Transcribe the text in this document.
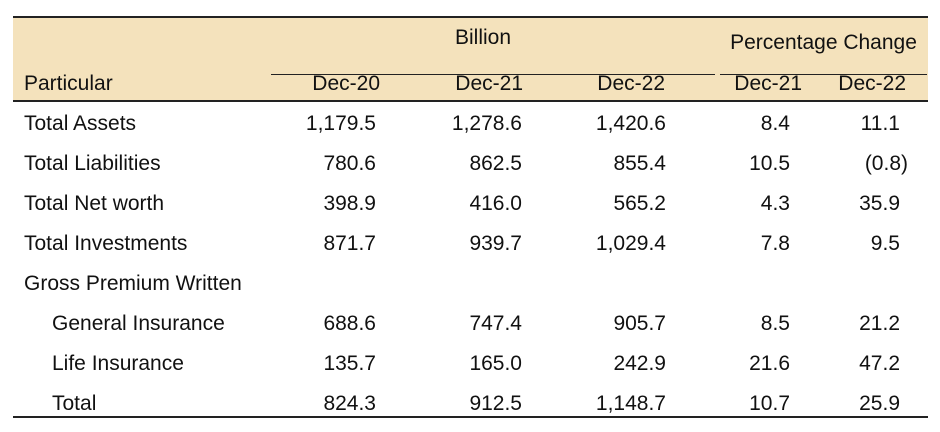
Billion	Percentage Change
Particular	Dec-20	Dec-21	Dec-22	Dec-21	Dec-22
Total Assets	1,179.5	1,278.6	1,420.6	8.4	11.1
Total Liabilities	780.6	862.5	855.4	10.5	(0.8)
Total Net worth	398.9	416.0	565.2	4.3	35.9
Total Investments	871.7	939.7	1,029.4	7.8	9.5
Gross Premium Written
General Insurance	688.6	747.4	905.7	8.5	21.2
Life Insurance	135.7	165.0	242.9	21.6	47.2
Total	824.3	912.5	1,148.7	10.7	25.9
